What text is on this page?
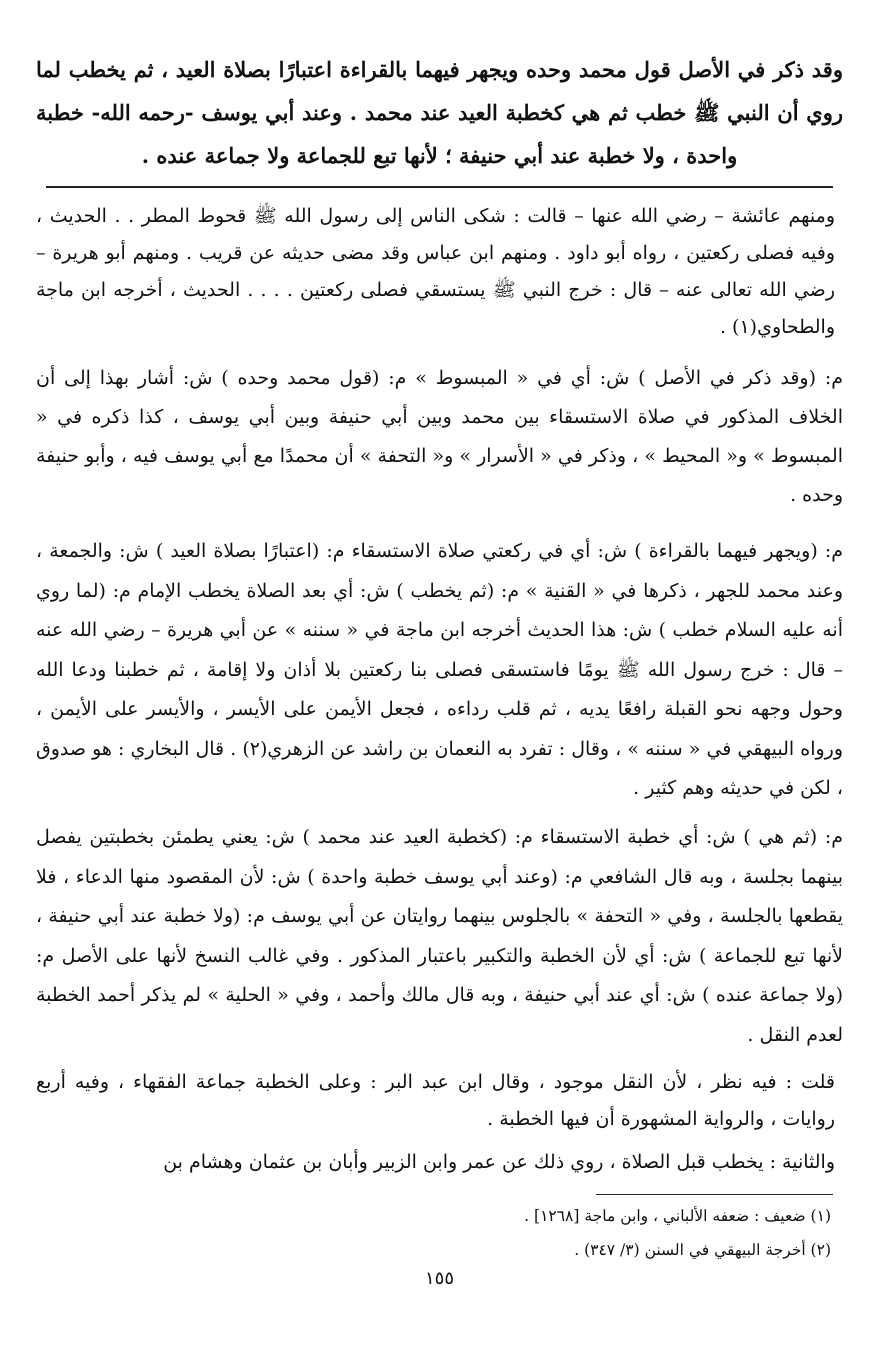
وقد ذكر في الأصل قول محمد وحده ويجهر فيهما بالقراءة اعتبارًا بصلاة العيد ، ثم يخطب لما
روي أن النبي ﷺ خطب ثم هي كخطبة العيد عند محمد . وعند أبي يوسف -رحمه الله- خطبة
واحدة ، ولا خطبة عند أبي حنيفة ؛ لأنها تبع للجماعة ولا جماعة عنده .

ومنهم عائشة – رضي الله عنها – قالت : شكى الناس إلى رسول الله ﷺ قحوط المطر . . الحديث ، وفيه فصلى ركعتين ، رواه أبو داود . ومنهم ابن عباس وقد مضى حديثه عن قريب . ومنهم أبو هريرة – رضي الله تعالى عنه – قال : خرج النبي ﷺ يستسقي فصلى ركعتين . . . . الحديث ، أخرجه ابن ماجة والطحاوي(١) .

م: (وقد ذكر في الأصل ) ش: أي في « المبسوط » م: (قول محمد وحده ) ش: أشار بهذا إلى أن الخلاف المذكور في صلاة الاستسقاء بين محمد وبين أبي حنيفة وبين أبي يوسف ، كذا ذكره في « المبسوط » و« المحيط » ، وذكر في « الأسرار » و« التحفة » أن محمدًا مع أبي يوسف فيه ، وأبو حنيفة وحده .

م: (ويجهر فيهما بالقراءة ) ش: أي في ركعتي صلاة الاستسقاء م: (اعتبارًا بصلاة العيد ) ش: والجمعة ، وعند محمد للجهر ، ذكرها في « القنية » م: (ثم يخطب ) ش: أي بعد الصلاة يخطب الإمام م: (لما روي أنه عليه السلام خطب ) ش: هذا الحديث أخرجه ابن ماجة في « سننه » عن أبي هريرة – رضي الله عنه – قال : خرج رسول الله ﷺ يومًا فاستسقى فصلى بنا ركعتين بلا أذان ولا إقامة ، ثم خطبنا ودعا الله وحول وجهه نحو القبلة رافعًا يديه ، ثم قلب رداءه ، فجعل الأيمن على الأيسر ، والأيسر على الأيمن ، ورواه البيهقي في « سننه » ، وقال : تفرد به النعمان بن راشد عن الزهري(٢) . قال البخاري : هو صدوق ، لكن في حديثه وهم كثير .

م: (ثم هي ) ش: أي خطبة الاستسقاء م: (كخطبة العيد عند محمد ) ش: يعني يطمئن بخطبتين يفصل بينهما بجلسة ، وبه قال الشافعي م: (وعند أبي يوسف خطبة واحدة ) ش: لأن المقصود منها الدعاء ، فلا يقطعها بالجلسة ، وفي « التحفة » بالجلوس بينهما روايتان عن أبي يوسف م: (ولا خطبة عند أبي حنيفة ، لأنها تبع للجماعة ) ش: أي لأن الخطبة والتكبير باعتبار المذكور . وفي غالب النسخ لأنها على الأصل م: (ولا جماعة عنده ) ش: أي عند أبي حنيفة ، وبه قال مالك وأحمد ، وفي « الحلية » لم يذكر أحمد الخطبة لعدم النقل .

قلت : فيه نظر ، لأن النقل موجود ، وقال ابن عبد البر : وعلى الخطبة جماعة الفقهاء ، وفيه أربع روايات ، والرواية المشهورة أن فيها الخطبة .

والثانية : يخطب قبل الصلاة ، روي ذلك عن عمر وابن الزبير وأبان بن عثمان وهشام بن

(١) ضعيف : ضعفه الألباني ، وابن ماجة [١٢٦٨] .

(٢) أخرجة البيهقي في السنن (٣/ ٣٤٧) .

١٥٥
